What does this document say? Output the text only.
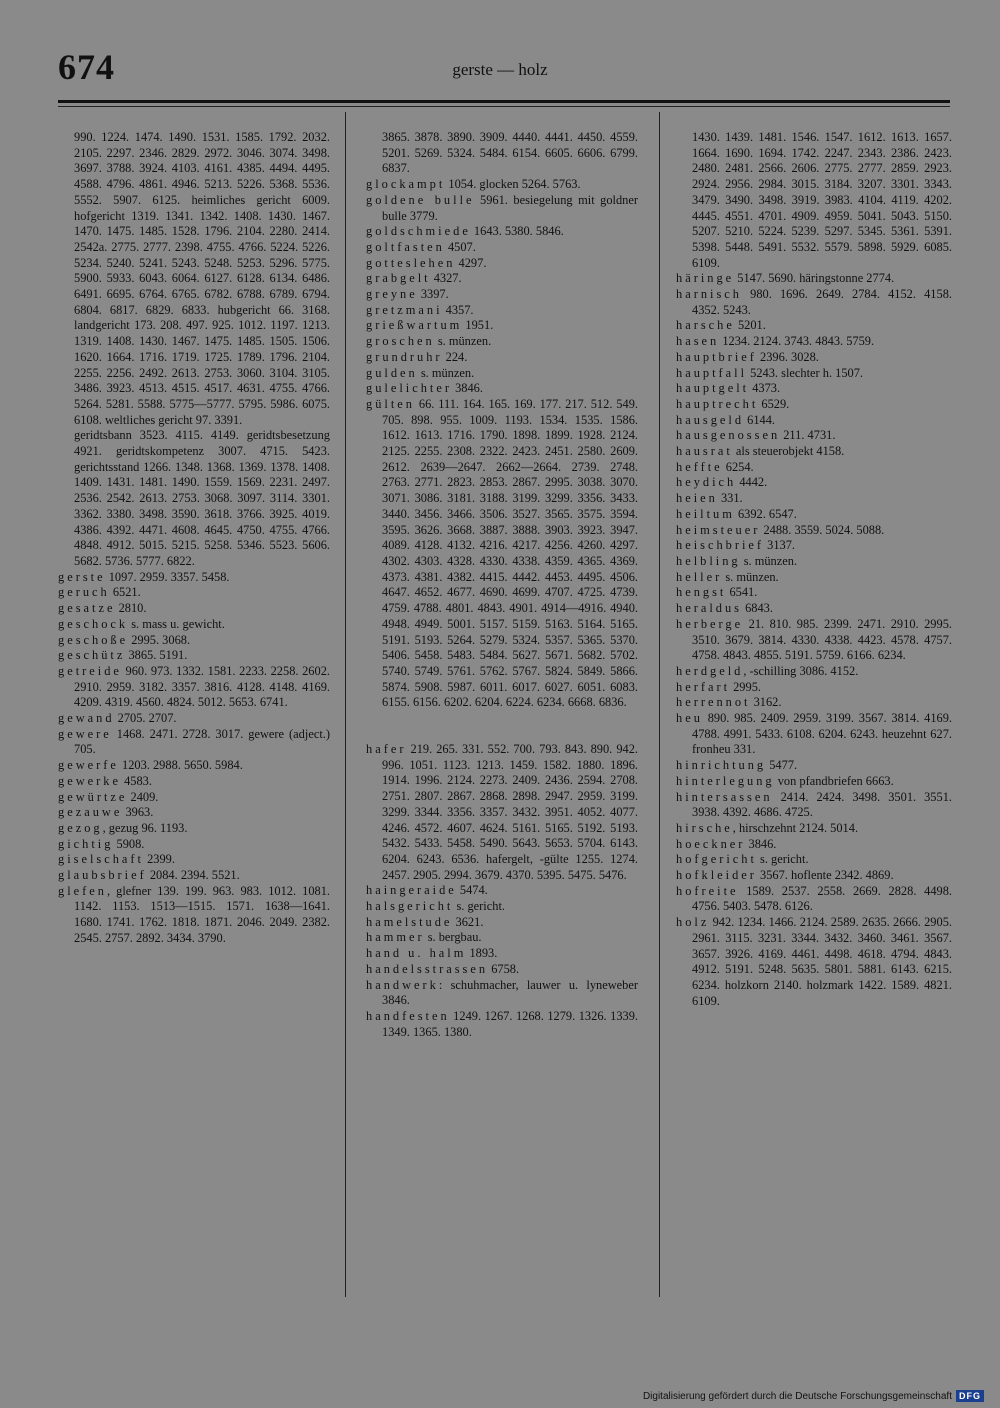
674	gerste — holz

990. 1224. 1474. 1490. 1531. 1585. 1792. 2032. 2105. 2297. 2346. 2829. 2972. 3046. 3074. 3498. 3697. 3788. 3924. 4103. 4161. 4385. 4494. 4495. 4588. 4796. 4861. 4946. 5213. 5226. 5368. 5536. 5552. 5907. 6125. heimliches gericht 6009. hofgericht 1319. 1341. 1342. 1408. 1430. 1467. 1470. 1475. 1485. 1528. 1796. 2104. 2280. 2414. 2542a. 2775. 2777. 2398. 4755. 4766. 5224. 5226. 5234. 5240. 5241. 5243. 5248. 5253. 5296. 5775. 5900. 5933. 6043. 6064. 6127. 6128. 6134. 6486. 6491. 6695. 6764. 6765. 6782. 6788. 6789. 6794. 6804. 6817. 6829. 6833. hubgericht 66. 3168. landgericht 173. 208. 497. 925. 1012. 1197. 1213. 1319. 1408. 1430. 1467. 1475. 1485. 1505. 1506. 1620. 1664. 1716. 1719. 1725. 1789. 1796. 2104. 2255. 2256. 2492. 2613. 2753. 3060. 3104. 3105. 3486. 3923. 4513. 4515. 4517. 4631. 4755. 4766. 5264. 5281. 5588. 5775—5777. 5795. 5986. 6075. 6108. weltliches gericht 97. 3391.

geridtsbann 3523. 4115. 4149. geridtsbesetzung 4921. geridtskompetenz 3007. 4715. 5423. gerichtsstand 1266. 1348. 1368. 1369. 1378. 1408. 1409. 1431. 1481. 1490. 1559. 1569. 2231. 2497. 2536. 2542. 2613. 2753. 3068. 3097. 3114. 3301. 3362. 3380. 3498. 3590. 3618. 3766. 3925. 4019. 4386. 4392. 4471. 4608. 4645. 4750. 4755. 4766. 4848. 4912. 5015. 5215. 5258. 5346. 5523. 5606. 5682. 5736. 5777. 6822.

gerste 1097. 2959. 3357. 5458.

geruch 6521.

gesatze 2810.

geschock s. mass u. gewicht.

geschoße 2995. 3068.

geschütz 3865. 5191.

getreide 960. 973. 1332. 1581. 2233. 2258. 2602. 2910. 2959. 3182. 3357. 3816. 4128. 4148. 4169. 4209. 4319. 4560. 4824. 5012. 5653. 6741.

gewand 2705. 2707.

gewere 1468. 2471. 2728. 3017. gewere (adject.) 705.

gewerfe 1203. 2988. 5650. 5984.

gewerke 4583.

gewürtze 2409.

gezauwe 3963.

gezog, gezug 96. 1193.

gichtig 5908.

giselschaft 2399.

glaubsbrief 2084. 2394. 5521.

glefen, glefner 139. 199. 963. 983. 1012. 1081. 1142. 1153. 1513—1515. 1571. 1638—1641. 1680. 1741. 1762. 1818. 1871. 2046. 2049. 2382. 2545. 2757. 2892. 3434. 3790.

3865. 3878. 3890. 3909. 4440. 4441. 4450. 4559. 5201. 5269. 5324. 5484. 6154. 6605. 6606. 6799. 6837.

glockampt 1054. glocken 5264. 5763.

goldene bulle 5961. besiegelung mit goldner bulle 3779.

goldschmiede 1643. 5380. 5846.

goltfasten 4507.

gotteslehen 4297.

grabgelt 4327.

greyne 3397.

gretzmani 4357.

grießwartum 1951.

groschen s. münzen.

grundruhr 224.

gulden s. münzen.

gulelichter 3846.

gülten 66. 111. 164. 165. 169. 177. 217. 512. 549. 705. 898. 955. 1009. 1193. 1534. 1535. 1586. 1612. 1613. 1716. 1790. 1898. 1899. 1928. 2124. 2125. 2255. 2308. 2322. 2423. 2451. 2580. 2609. 2612. 2639—2647. 2662—2664. 2739. 2748. 2763. 2771. 2823. 2853. 2867. 2995. 3038. 3070. 3071. 3086. 3181. 3188. 3199. 3299. 3356. 3433. 3440. 3456. 3466. 3506. 3527. 3565. 3575. 3594. 3595. 3626. 3668. 3887. 3888. 3903. 3923. 3947. 4089. 4128. 4132. 4216. 4217. 4256. 4260. 4297. 4302. 4303. 4328. 4330. 4338. 4359. 4365. 4369. 4373. 4381. 4382. 4415. 4442. 4453. 4495. 4506. 4647. 4652. 4677. 4690. 4699. 4707. 4725. 4739. 4759. 4788. 4801. 4843. 4901. 4914—4916. 4940. 4948. 4949. 5001. 5157. 5159. 5163. 5164. 5165. 5191. 5193. 5264. 5279. 5324. 5357. 5365. 5370. 5406. 5458. 5483. 5484. 5627. 5671. 5682. 5702. 5740. 5749. 5761. 5762. 5767. 5824. 5849. 5866. 5874. 5908. 5987. 6011. 6017. 6027. 6051. 6083. 6155. 6156. 6202. 6204. 6224. 6234. 6668. 6836.

hafer 219. 265. 331. 552. 700. 793. 843. 890. 942. 996. 1051. 1123. 1213. 1459. 1582. 1880. 1896. 1914. 1996. 2124. 2273. 2409. 2436. 2594. 2708. 2751. 2807. 2867. 2868. 2898. 2947. 2959. 3199. 3299. 3344. 3356. 3357. 3432. 3951. 4052. 4077. 4246. 4572. 4607. 4624. 5161. 5165. 5192. 5193. 5432. 5433. 5458. 5490. 5643. 5653. 5704. 6143. 6204. 6243. 6536. hafergelt, -gülte 1255. 1274. 2457. 2905. 2994. 3679. 4370. 5395. 5475. 5476.

haingeraide 5474.

halsgericht s. gericht.

hamelstude 3621.

hammer s. bergbau.

hand u. halm 1893.

handelsstrassen 6758.

handwerk: schuhmacher, lauwer u. lyneweber 3846.

handfesten 1249. 1267. 1268. 1279. 1326. 1339. 1349. 1365. 1380.

1430. 1439. 1481. 1546. 1547. 1612. 1613. 1657. 1664. 1690. 1694. 1742. 2247. 2343. 2386. 2423. 2480. 2481. 2566. 2606. 2775. 2777. 2859. 2923. 2924. 2956. 2984. 3015. 3184. 3207. 3301. 3343. 3479. 3490. 3498. 3919. 3983. 4104. 4119. 4202. 4445. 4551. 4701. 4909. 4959. 5041. 5043. 5150. 5207. 5210. 5224. 5239. 5297. 5345. 5361. 5391. 5398. 5448. 5491. 5532. 5579. 5898. 5929. 6085. 6109.

häringe 5147. 5690. häringstonne 2774.

harnisch 980. 1696. 2649. 2784. 4152. 4158. 4352. 5243.

harsche 5201.

hasen 1234. 2124. 3743. 4843. 5759.

hauptbrief 2396. 3028.

hauptfall 5243. slechter h. 1507.

hauptgelt 4373.

hauptrecht 6529.

hausgeld 6144.

hausgenossen 211. 4731.

hausrat als steuerobjekt 4158.

heffte 6254.

heydich 4442.

heien 331.

heiltum 6392. 6547.

heimsteuer 2488. 3559. 5024. 5088.

heischbrief 3137.

helbling s. münzen.

heller s. münzen.

hengst 6541.

heraldus 6843.

herberge 21. 810. 985. 2399. 2471. 2910. 2995. 3510. 3679. 3814. 4330. 4338. 4423. 4578. 4757. 4758. 4843. 4855. 5191. 5759. 6166. 6234.

herdgeld, -schilling 3086. 4152.

herfart 2995.

herrennot 3162.

heu 890. 985. 2409. 2959. 3199. 3567. 3814. 4169. 4788. 4991. 5433. 6108. 6204. 6243. heuzehnt 627. fronheu 331.

hinrichtung 5477.

hinterlegung von pfandbriefen 6663.

hintersassen 2414. 2424. 3498. 3501. 3551. 3938. 4392. 4686. 4725.

hirsche, hirschzehnt 2124. 5014.

hoeckner 3846.

hofgericht s. gericht.

hofkleider 3567. hoflente 2342. 4869.

hofreite 1589. 2537. 2558. 2669. 2828. 4498. 4756. 5403. 5478. 6126.

holz 942. 1234. 1466. 2124. 2589. 2635. 2666. 2905. 2961. 3115. 3231. 3344. 3432. 3460. 3461. 3567. 3657. 3926. 4169. 4461. 4498. 4618. 4794. 4843. 4912. 5191. 5248. 5635. 5801. 5881. 6143. 6215. 6234. holzkorn 2140. holzmark 1422. 1589. 4821. 6109.

Digitalisierung gefördert durch die Deutsche Forschungsgemeinschaft DFG
